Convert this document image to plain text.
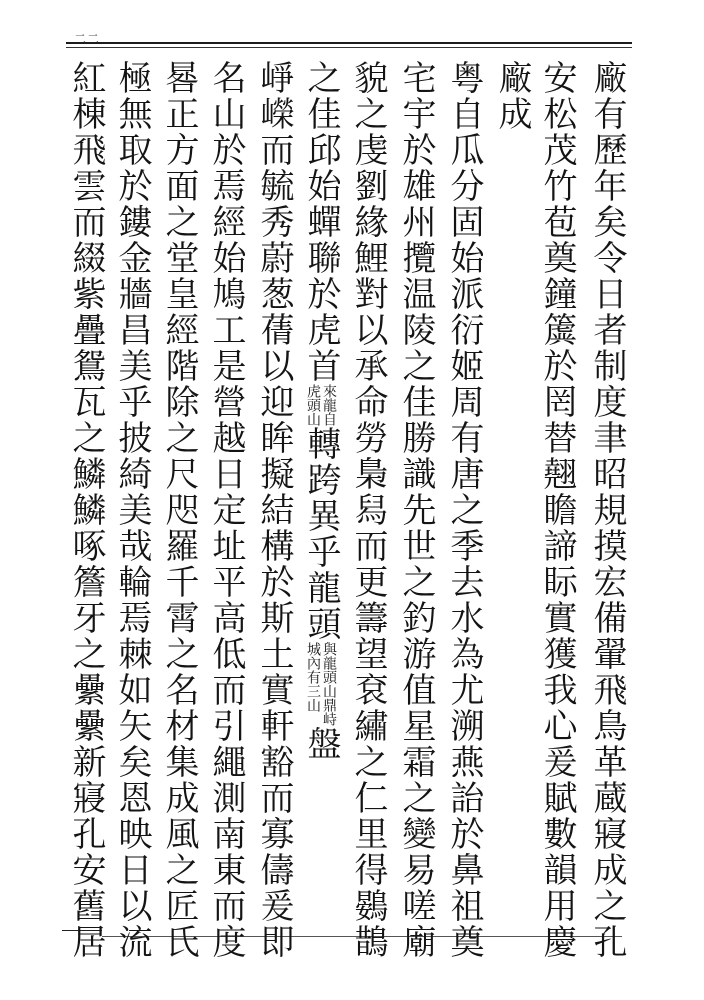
二二
廠有歷年矣令日者制度聿昭規摸宏備翬飛鳥革蔵寢成之孔
安松茂竹苞奠鐘簴於罔替翹瞻諦眎實獲我心爰賦數韻用慶
廠成
粤自瓜分固始派衍姬周有唐之季去水為尤溯燕詒於鼻祖奠
宅宇於雄州攬温陵之佳勝識先世之釣游值星霜之變易嗟廟
貌之虔劉緣鯉對以承命勞梟舄而更籌望袞繡之仁里得鷃鵲
之佳邱始蟬聯於虎首
虎頭山 來龍自
轉跨異乎龍頭
城內有三山 與龍頭山鼎峙
盤
崢嶸而毓秀蔚葱蒨以迎眸擬結構於斯土實軒豁而寡儔爰即
名山於焉經始鳩工是營越日定址平高低而引繩測南東而度
晷正方面之堂皇經階除之尺咫羅千霄之名材集成風之匠氏
極無取於鏤金牆昌美乎披綺美哉輪焉棘如矢矣恩映日以流
紅棟飛雲而綴紫疊鴛瓦之鱗鱗啄簷牙之纍纍新寢孔安舊居
